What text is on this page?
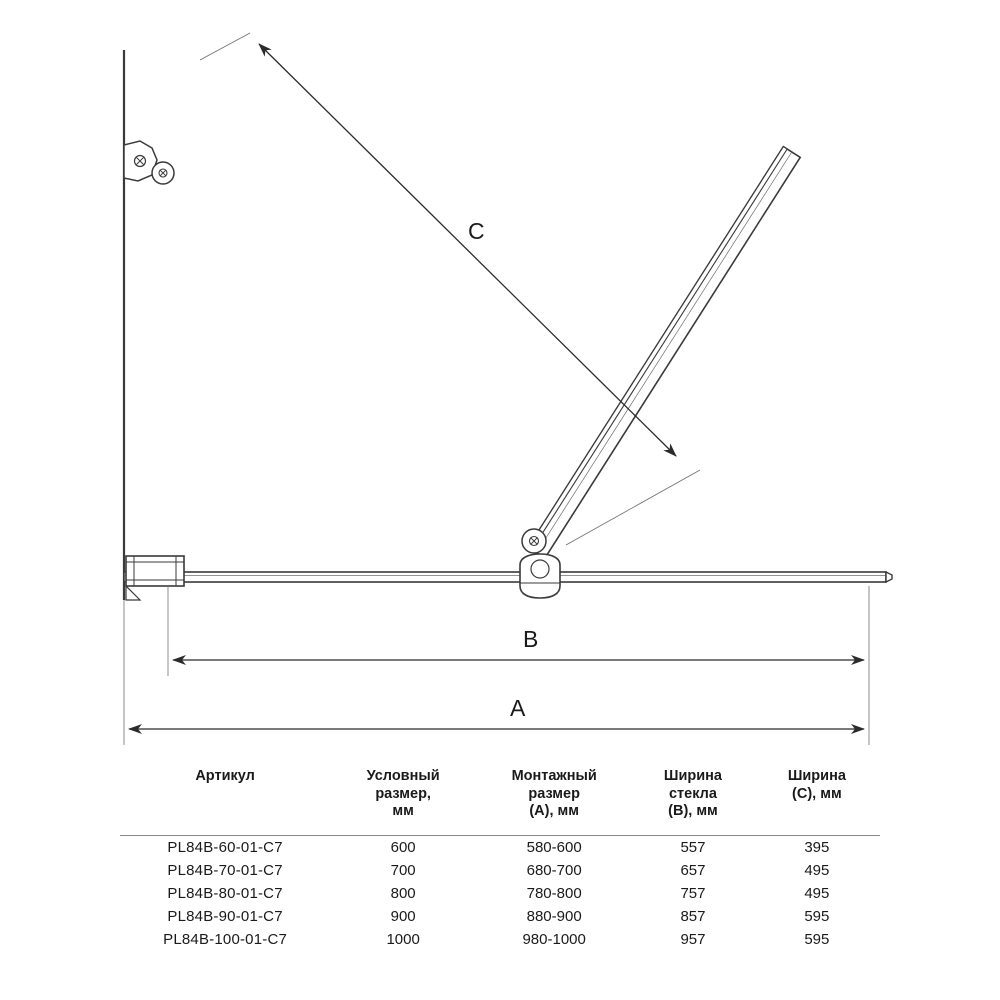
C
B
A
Артикул	Условный
размер,
мм	Монтажный
размер
(А), мм	Ширина
стекла
(В), мм	Ширина
(С), мм

PL84B-60-01-C7	600	580-600	557	395
PL84B-70-01-C7	700	680-700	657	495
PL84B-80-01-C7	800	780-800	757	495
PL84B-90-01-C7	900	880-900	857	595
PL84B-100-01-C7	1000	980-1000	957	595
